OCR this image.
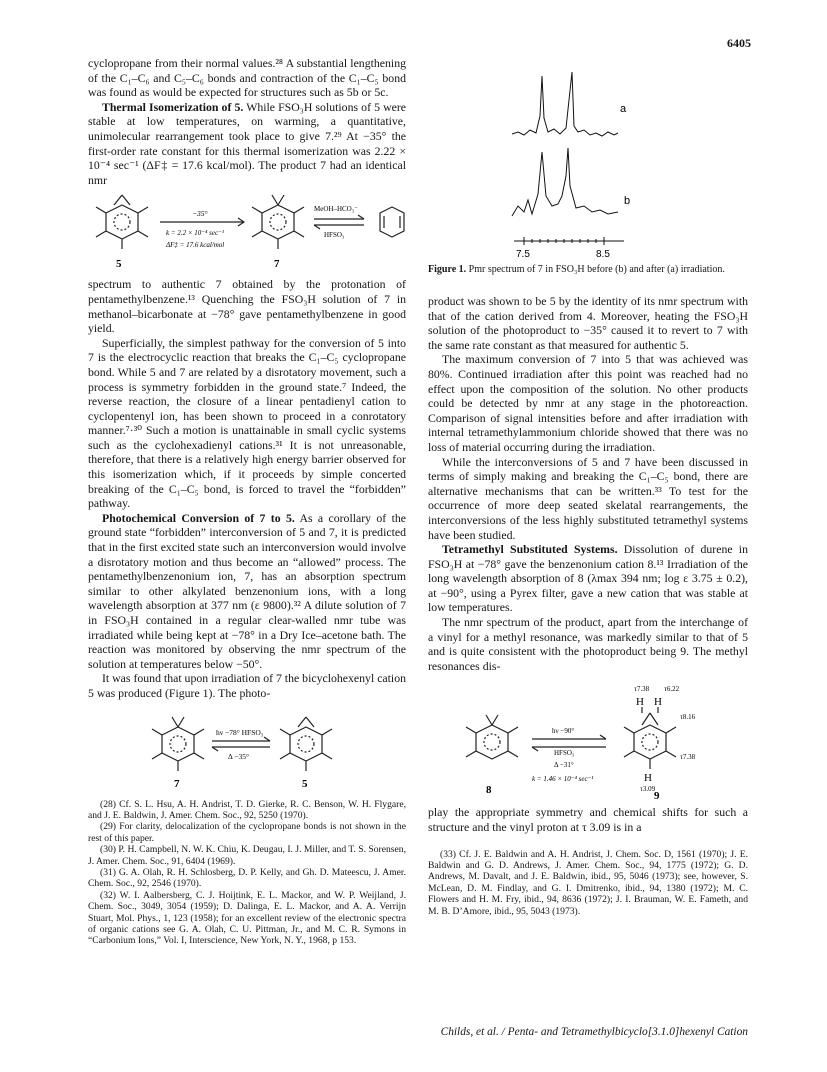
6405

cyclopropane from their normal values.²⁸ A substantial lengthening of the C₁–C₆ and C₅–C₆ bonds and contraction of the C₁–C₅ bond was found as would be expected for structures such as 5b or 5c.

Thermal Isomerization of 5. While FSO₃H solutions of 5 were stable at low temperatures, on warming, a quantitative, unimolecular rearrangement took place to give 7.²⁹ At −35° the first-order rate constant for this thermal isomerization was 2.22 × 10⁻⁴ sec⁻¹ (ΔF‡ = 17.6 kcal/mol). The product 7 had an identical nmr

5	7
−35°
k = 2.2 × 10⁻⁴ sec⁻¹
ΔF‡ = 17.6 kcal/mol
MeOH–HCO₃⁻
HFSO₃

spectrum to authentic 7 obtained by the protonation of pentamethylbenzene.¹³ Quenching the FSO₃H solution of 7 in methanol–bicarbonate at −78° gave pentamethylbenzene in good yield.

Superficially, the simplest pathway for the conversion of 5 into 7 is the electrocyclic reaction that breaks the C₁–C₅ cyclopropane bond. While 5 and 7 are related by a disrotatory movement, such a process is symmetry forbidden in the ground state.⁷ Indeed, the reverse reaction, the closure of a linear pentadienyl cation to cyclopentenyl ion, has been shown to proceed in a conrotatory manner.⁷·³⁰ Such a motion is unattainable in small cyclic systems such as the cyclohexadienyl cations.³¹ It is not unreasonable, therefore, that there is a relatively high energy barrier observed for this isomerization which, if it proceeds by simple concerted breaking of the C₁–C₅ bond, is forced to travel the “forbidden” pathway.

Photochemical Conversion of 7 to 5. As a corollary of the ground state “forbidden” interconversion of 5 and 7, it is predicted that in the first excited state such an interconversion would involve a disrotatory motion and thus become an “allowed” process. The pentamethylbenzenonium ion, 7, has an absorption spectrum similar to other alkylated benzenonium ions, with a long wavelength absorption at 377 nm (ε 9800).³² A dilute solution of 7 in FSO₃H contained in a regular clear-walled nmr tube was irradiated while being kept at −78° in a Dry Ice–acetone bath. The reaction was monitored by observing the nmr spectrum of the solution at temperatures below −50°.

It was found that upon irradiation of 7 the bicyclohexenyl cation 5 was produced (Figure 1). The photo-

hν −78° HFSO₃
Δ −35°
7	5

(28) Cf. S. L. Hsu, A. H. Andrist, T. D. Gierke, R. C. Benson, W. H. Flygare, and J. E. Baldwin, J. Amer. Chem. Soc., 92, 5250 (1970).

(29) For clarity, delocalization of the cyclopropane bonds is not shown in the rest of this paper.

(30) P. H. Campbell, N. W. K. Chiu, K. Deugau, I. J. Miller, and T. S. Sorensen, J. Amer. Chem. Soc., 91, 6404 (1969).

(31) G. A. Olah, R. H. Schlosberg, D. P. Kelly, and Gh. D. Mateescu, J. Amer. Chem. Soc., 92, 2546 (1970).

(32) W. I. Aalbersberg, C. J. Hoijtink, E. L. Mackor, and W. P. Weijland, J. Chem. Soc., 3049, 3054 (1959); D. Dalinga, E. L. Mackor, and A. A. Verrijn Stuart, Mol. Phys., 1, 123 (1958); for an excellent review of the electronic spectra of organic cations see G. A. Olah, C. U. Pittman, Jr., and M. C. R. Symons in “Carbonium Ions,” Vol. I, Interscience, New York, N. Y., 1968, p 153.

a
b
7.5	8.5

Figure 1. Pmr spectrum of 7 in FSO₃H before (b) and after (a) irradiation.

product was shown to be 5 by the identity of its nmr spectrum with that of the cation derived from 4. Moreover, heating the FSO₃H solution of the photoproduct to −35° caused it to revert to 7 with the same rate constant as that measured for authentic 5.

The maximum conversion of 7 into 5 that was achieved was 80%. Continued irradiation after this point was reached had no effect upon the composition of the solution. No other products could be detected by nmr at any stage in the photoreaction. Comparison of signal intensities before and after irradiation with internal tetramethylammonium chloride showed that there was no loss of material occurring during the irradiation.

While the interconversions of 5 and 7 have been discussed in terms of simply making and breaking the C₁–C₅ bond, there are alternative mechanisms that can be written.³³ To test for the occurrence of more deep seated skelatal rearrangements, the interconversions of the less highly substituted tetramethyl systems have been studied.

Tetramethyl Substituted Systems. Dissolution of durene in FSO₃H at −78° gave the benzenonium cation 8.¹³ Irradiation of the long wavelength absorption of 8 (λmax 394 nm; log ε 3.75 ± 0.2), at −90°, using a Pyrex filter, gave a new cation that was stable at low temperatures.

The nmr spectrum of the product, apart from the interchange of a vinyl for a methyl resonance, was markedly similar to that of 5 and is quite consistent with the photoproduct being 9. The methyl resonances dis-

τ7.38 τ6.22
H H
τ8.16
τ7.38
H
τ3.09
hν −90°
HFSO₃
Δ −31°
k = 1.46 × 10⁻⁴ sec⁻¹
8	9

play the appropriate symmetry and chemical shifts for such a structure and the vinyl proton at τ 3.09 is in a

(33) Cf. J. E. Baldwin and A. H. Andrist, J. Chem. Soc. D, 1561 (1970); J. E. Baldwin and G. D. Andrews, J. Amer. Chem. Soc., 94, 1775 (1972); G. D. Andrews, M. Davalt, and J. E. Baldwin, ibid., 95, 5046 (1973); see, however, S. McLean, D. M. Findlay, and G. I. Dmitrenko, ibid., 94, 1380 (1972); M. C. Flowers and H. M. Fry, ibid., 94, 8636 (1972); J. I. Brauman, W. E. Fameth, and M. B. D’Amore, ibid., 95, 5043 (1973).

Childs, et al. / Penta- and Tetramethylbicyclo[3.1.0]hexenyl Cation
